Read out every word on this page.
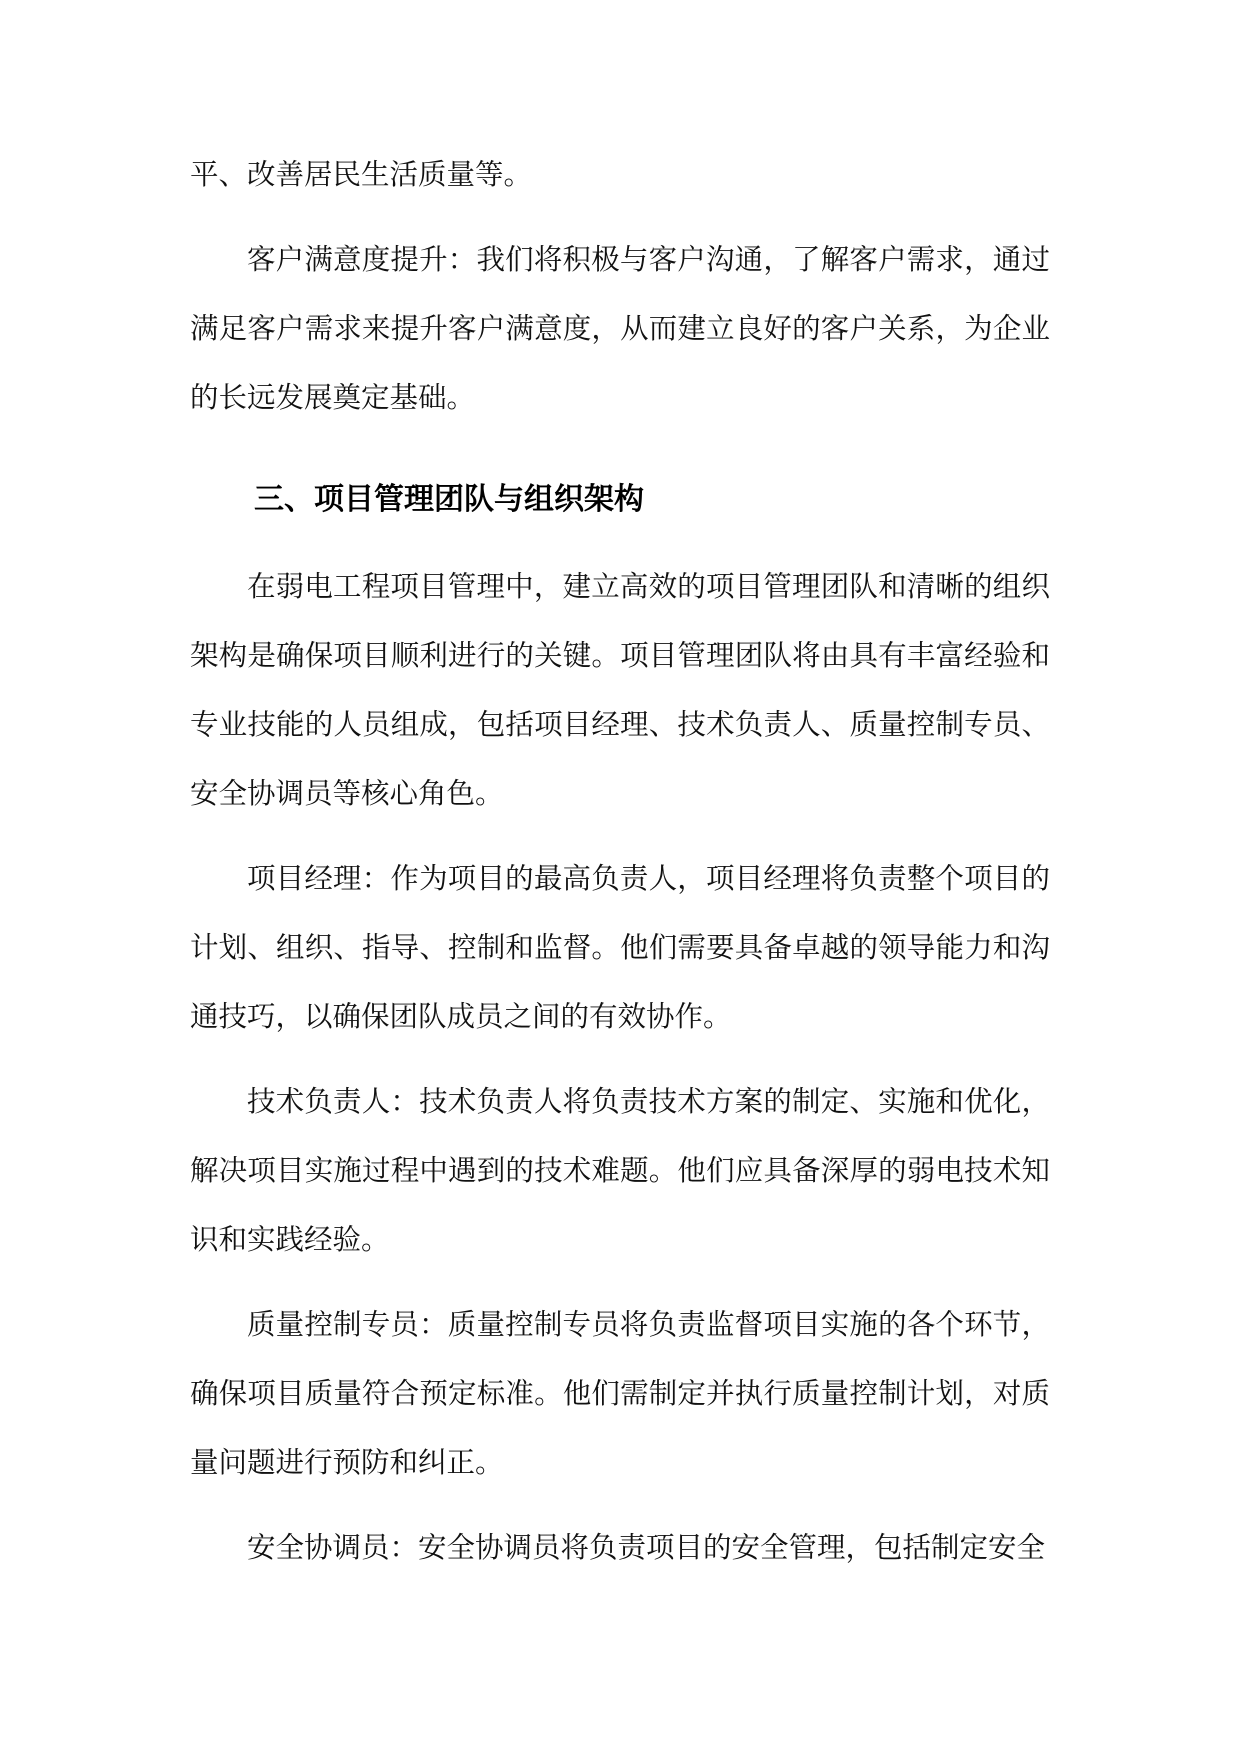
平、改善居民生活质量等。

客户满意度提升：我们将积极与客户沟通，了解客户需求，通过满足客户需求来提升客户满意度，从而建立良好的客户关系，为企业的长远发展奠定基础。

三、项目管理团队与组织架构

在弱电工程项目管理中，建立高效的项目管理团队和清晰的组织架构是确保项目顺利进行的关键。项目管理团队将由具有丰富经验和专业技能的人员组成，包括项目经理、技术负责人、质量控制专员、安全协调员等核心角色。

项目经理：作为项目的最高负责人，项目经理将负责整个项目的计划、组织、指导、控制和监督。他们需要具备卓越的领导能力和沟通技巧，以确保团队成员之间的有效协作。

技术负责人：技术负责人将负责技术方案的制定、实施和优化，解决项目实施过程中遇到的技术难题。他们应具备深厚的弱电技术知识和实践经验。

质量控制专员：质量控制专员将负责监督项目实施的各个环节，确保项目质量符合预定标准。他们需制定并执行质量控制计划，对质量问题进行预防和纠正。

安全协调员：安全协调员将负责项目的安全管理，包括制定安全
